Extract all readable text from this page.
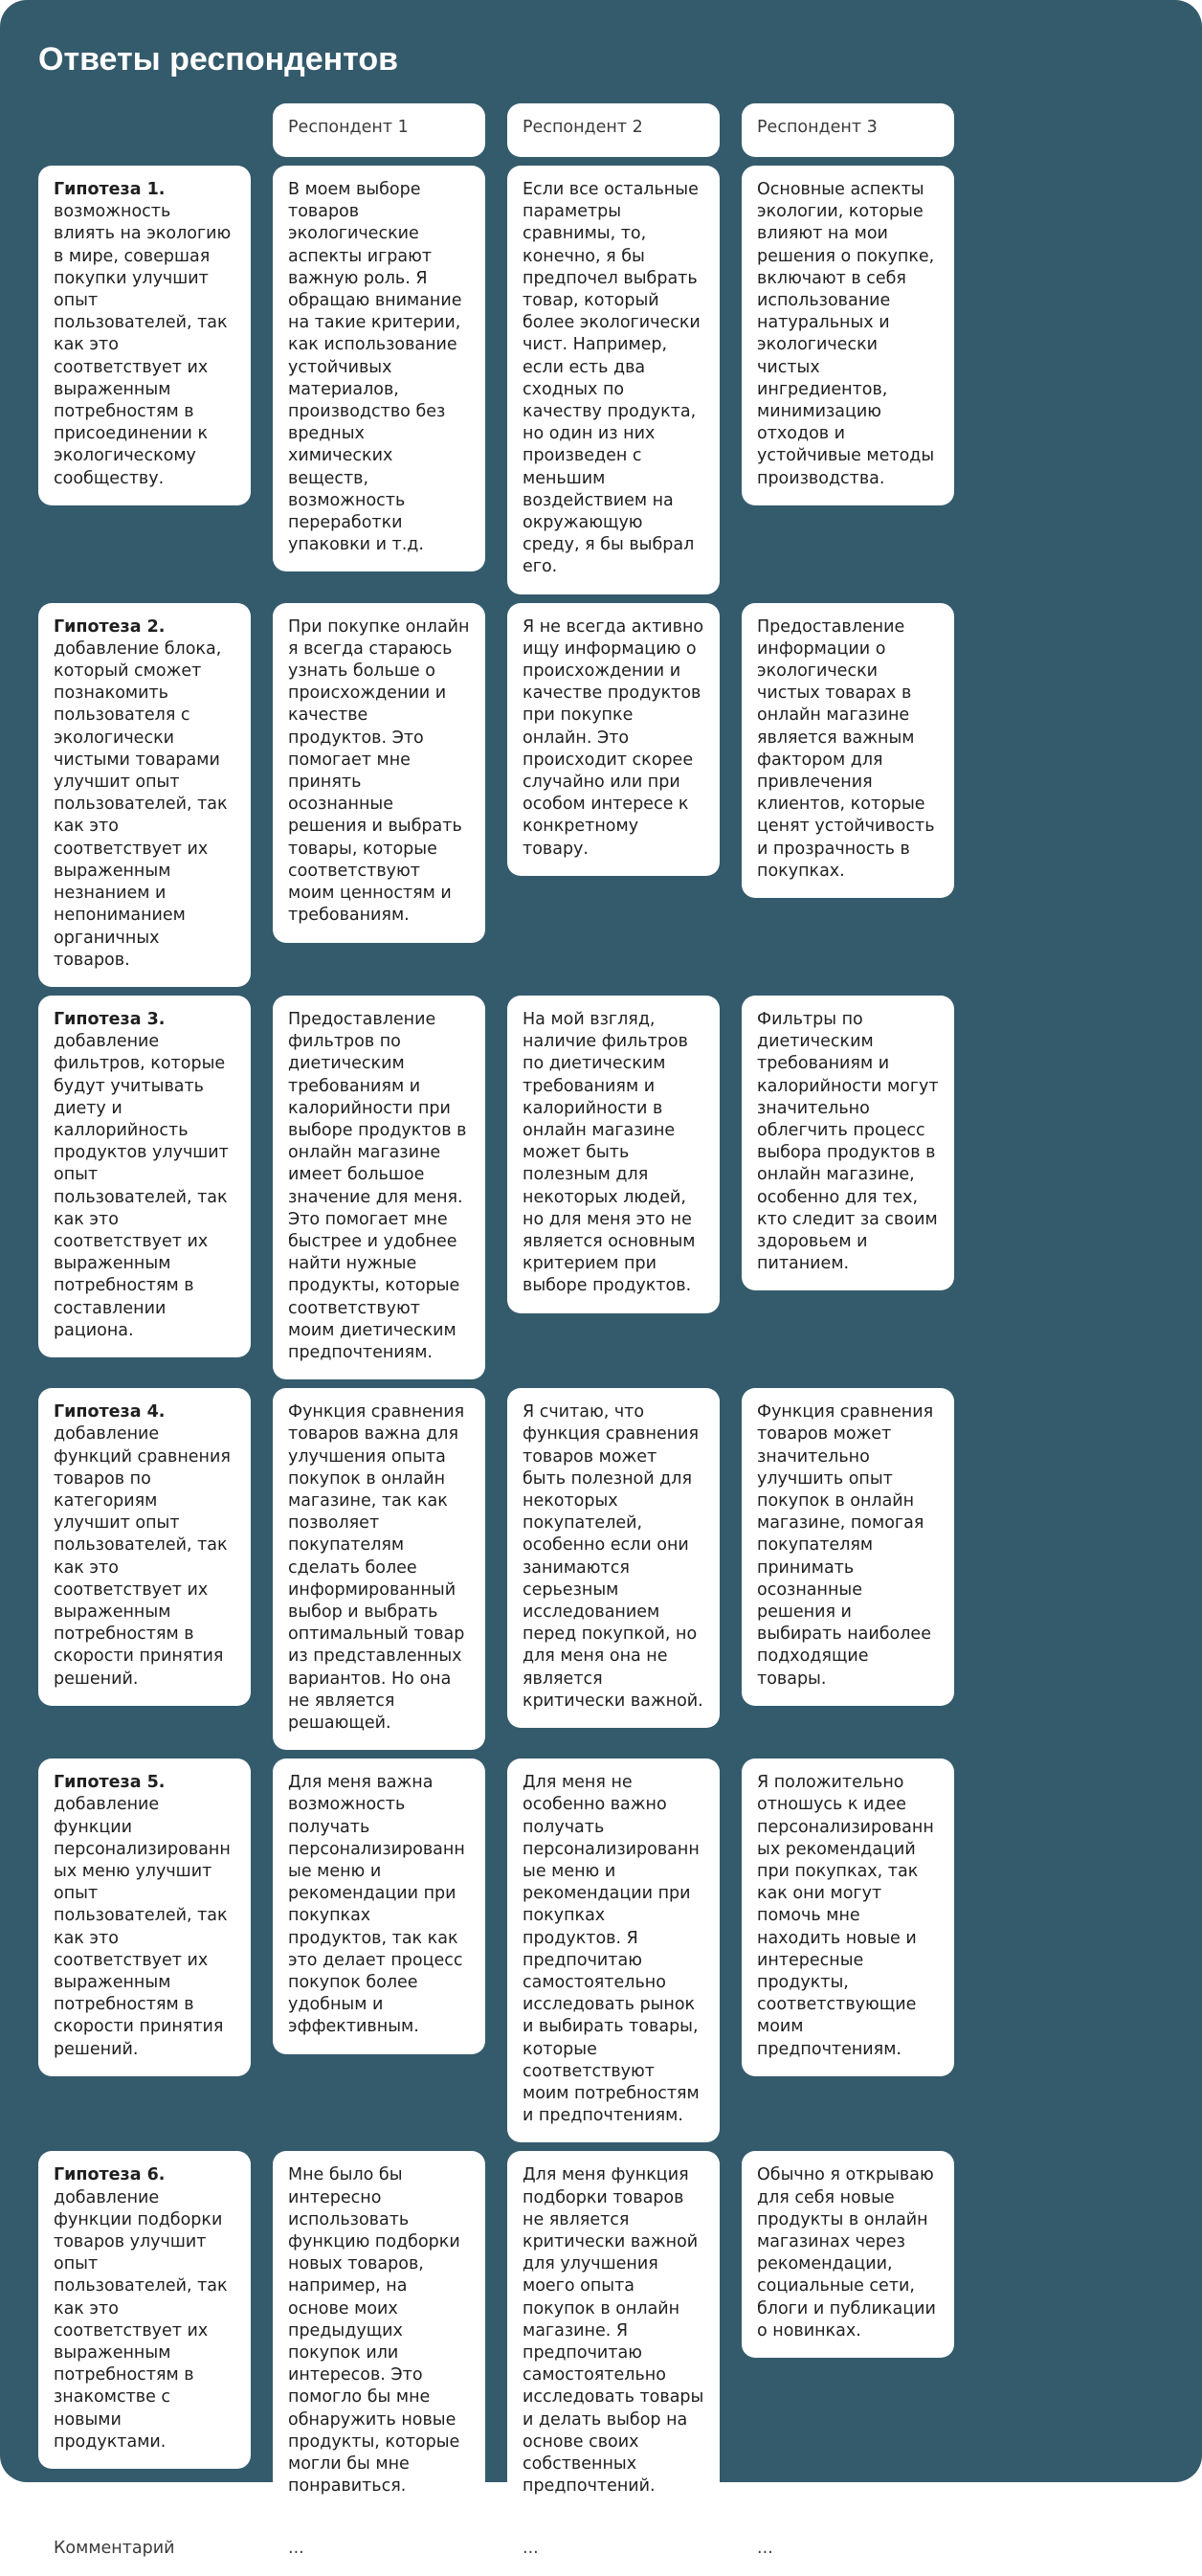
Ответы респондентов
Респондент 1	Респондент 2	Респондент 3
Гипотеза 1.
возможность влиять на экологию в мире, совершая покупки улучшит опыт пользователей, так как это соответствует их выраженным потребностям в присоединении к экологическому сообществу.
В моем выборе товаров экологические аспекты играют важную роль. Я обращаю внимание на такие критерии, как использование устойчивых материалов, производство без вредных химических веществ, возможность переработки упаковки и т.д.
Если все остальные параметры сравнимы, то, конечно, я бы предпочел выбрать товар, который более экологически чист. Например, если есть два сходных по качеству продукта, но один из них произведен с меньшим воздействием на окружающую среду, я бы выбрал его.
Основные аспекты экологии, которые влияют на мои решения о покупке, включают в себя использование натуральных и экологически чистых ингредиентов, минимизацию отходов и устойчивые методы производства.
Гипотеза 2.
добавление блока, который сможет познакомить пользователя с экологически чистыми товарами улучшит опыт пользователей, так как это соответствует их выраженным незнанием и непониманием органичных товаров.
При покупке онлайн я всегда стараюсь узнать больше о происхождении и качестве продуктов. Это помогает мне принять осознанные решения и выбрать товары, которые соответствуют моим ценностям и требованиям.
Я не всегда активно ищу информацию о происхождении и качестве продуктов при покупке онлайн. Это происходит скорее случайно или при особом интересе к конкретному товару.
Предоставление информации о экологически чистых товарах в онлайн магазине является важным фактором для привлечения клиентов, которые ценят устойчивость и прозрачность в покупках.
Гипотеза 3.
добавление фильтров, которые будут учитывать диету и каллорийность продуктов улучшит опыт пользователей, так как это соответствует их выраженным потребностям в составлении рациона.
Предоставление фильтров по диетическим требованиям и калорийности при выборе продуктов в онлайн магазине имеет большое значение для меня. Это помогает мне быстрее и удобнее найти нужные продукты, которые соответствуют моим диетическим предпочтениям.
На мой взгляд, наличие фильтров по диетическим требованиям и калорийности в онлайн магазине может быть полезным для некоторых людей, но для меня это не является основным критерием при выборе продуктов.
Фильтры по диетическим требованиям и калорийности могут значительно облегчить процесс выбора продуктов в онлайн магазине, особенно для тех, кто следит за своим здоровьем и питанием.
Гипотеза 4.
добавление функций сравнения товаров по категориям улучшит опыт пользователей, так как это соответствует их выраженным потребностям в скорости принятия решений.
Функция сравнения товаров важна для улучшения опыта покупок в онлайн магазине, так как позволяет покупателям сделать более информированный выбор и выбрать оптимальный товар из представленных вариантов. Но она не является решающей.
Я считаю, что функция сравнения товаров может быть полезной для некоторых покупателей, особенно если они занимаются серьезным исследованием перед покупкой, но для меня она не является критически важной.
Функция сравнения товаров может значительно улучшить опыт покупок в онлайн магазине, помогая покупателям принимать осознанные решения и выбирать наиболее подходящие товары.
Гипотеза 5.
добавление функции персонализированных меню улучшит опыт пользователей, так как это соответствует их выраженным потребностям в скорости принятия решений.
Для меня важна возможность получать персонализированные меню и рекомендации при покупках продуктов, так как это делает процесс покупок более удобным и эффективным.
Для меня не особенно важно получать персонализированные меню и рекомендации при покупках продуктов. Я предпочитаю самостоятельно исследовать рынок и выбирать товары, которые соответствуют моим потребностям и предпочтениям.
Я положительно отношусь к идее персонализированных рекомендаций при покупках, так как они могут помочь мне находить новые и интересные продукты, соответствующие моим предпочтениям.
Гипотеза 6.
добавление функции подборки товаров улучшит опыт пользователей, так как это соответствует их выраженным потребностям в знакомстве с новыми продуктами.
Мне было бы интересно использовать функцию подборки новых товаров, например, на основе моих предыдущих покупок или интересов. Это помогло бы мне обнаружить новые продукты, которые могли бы мне понравиться.
Для меня функция подборки товаров не является критически важной для улучшения моего опыта покупок в онлайн магазине. Я предпочитаю самостоятельно исследовать товары и делать выбор на основе своих собственных предпочтений.
Обычно я открываю для себя новые продукты в онлайн магазинах через рекомендации, социальные сети, блоги и публикации о новинках.
Комментарий	...	...	...
